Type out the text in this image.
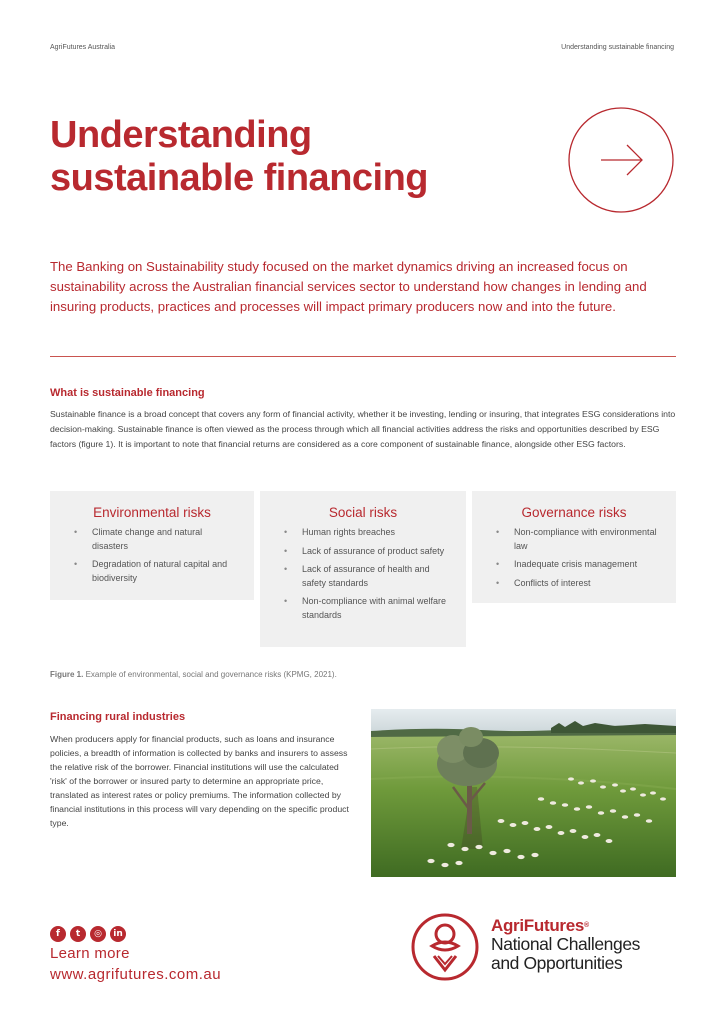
AgriFutures Australia	Understanding sustainable financing
Understanding
sustainable financing

The Banking on Sustainability study focused on the market dynamics driving an increased focus on sustainability across the Australian financial services sector to understand how changes in lending and insuring products, practices and processes will impact primary producers now and into the future.

What is sustainable financing

Sustainable finance is a broad concept that covers any form of financial activity, whether it be investing, lending or insuring, that integrates ESG considerations into decision-making. Sustainable finance is often viewed as the process through which all financial activities address the risks and opportunities described by ESG factors (figure 1). It is important to note that financial returns are considered as a core component of sustainable finance, alongside other ESG factors.

Environmental risks
• Climate change and natural disasters
• Degradation of natural capital and biodiversity
Social risks
• Human rights breaches
• Lack of assurance of product safety
• Lack of assurance of health and safety standards
• Non-compliance with animal welfare standards
Governance risks
• Non-compliance with environmental law
• Inadequate crisis management
• Conflicts of interest

Figure 1. Example of environmental, social and governance risks (KPMG, 2021).

Financing rural industries

When producers apply for financial products, such as loans and insurance policies, a breadth of information is collected by banks and insurers to assess the relative risk of the borrower. Financial institutions will use the calculated 'risk' of the borrower or insured party to determine an appropriate price, translated as interest rates or policy premiums. The information collected by financial institutions in this process will vary depending on the specific product type.

f	t	◎	in
Learn more
www.agrifutures.com.au
AgriFutures®
National Challenges
and Opportunities
